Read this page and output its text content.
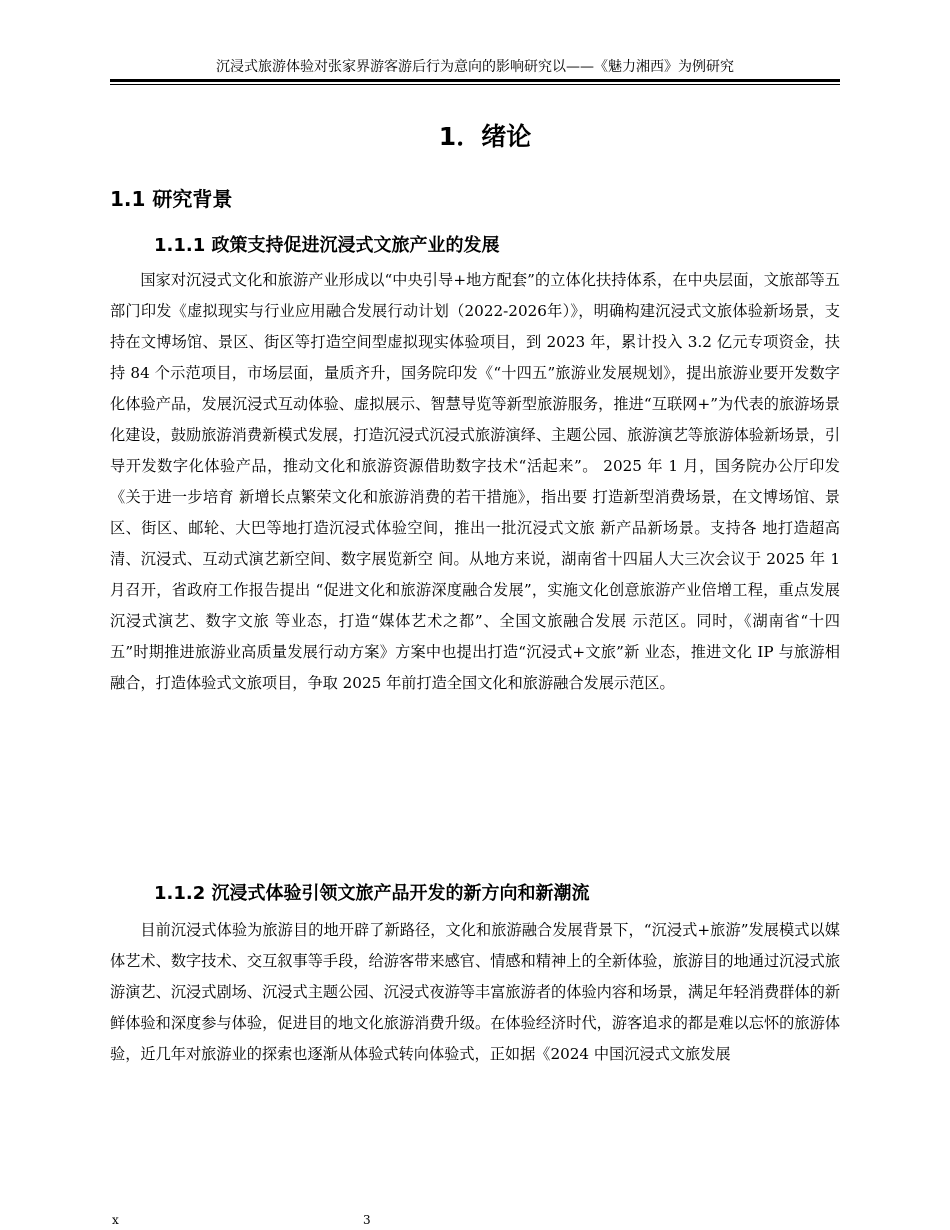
沉浸式旅游体验对张家界游客游后行为意向的影响研究以——《魅力湘西》为例研究
1．绪论
1.1 研究背景
1.1.1 政策支持促进沉浸式文旅产业的发展

国家对沉浸式文化和旅游产业形成以“中央引导+地方配套”的立体化扶持体系，在中央层面，文旅部等五部门印发《虚拟现实与行业应用融合发展行动计划（2022-2026年）》，明确构建沉浸式文旅体验新场景，支持在文博场馆、景区、街区等打造空间型虚拟现实体验项目，到 2023 年，累计投入 3.2 亿元专项资金，扶持 84 个示范项目，市场层面，量质齐升，国务院印发《“十四五”旅游业发展规划》，提出旅游业要开发数字化体验产品，发展沉浸式互动体验、虚拟展示、智慧导览等新型旅游服务，推进“互联网+”为代表的旅游场景化建设，鼓励旅游消费新模式发展，打造沉浸式沉浸式旅游演绎、主题公园、旅游演艺等旅游体验新场景，引导开发数字化体验产品，推动文化和旅游资源借助数字技术“活起来”。 2025 年 1 月，国务院办公厅印发《关于进一步培育 新增长点繁荣文化和旅游消费的若干措施》，指出要 打造新型消费场景，在文博场馆、景区、街区、邮轮、大巴等地打造沉浸式体验空间，推出一批沉浸式文旅 新产品新场景。支持各 地打造超高清、沉浸式、互动式演艺新空间、数字展览新空 间。从地方来说，湖南省十四届人大三次会议于 2025 年 1 月召开，省政府工作报告提出 “促进文化和旅游深度融合发展”，实施文化创意旅游产业倍增工程，重点发展沉浸式演艺、数字文旅 等业态，打造“媒体艺术之都”、全国文旅融合发展 示范区。同时，《湖南省“十四五”时期推进旅游业高质量发展行动方案》方案中也提出打造“沉浸式+文旅”新 业态，推进文化 IP 与旅游相融合，打造体验式文旅项目，争取 2025 年前打造全国文化和旅游融合发展示范区。

1.1.2 沉浸式体验引领文旅产品开发的新方向和新潮流

目前沉浸式体验为旅游目的地开辟了新路径，文化和旅游融合发展背景下，“沉浸式+旅游”发展模式以媒体艺术、数字技术、交互叙事等手段，给游客带来感官、情感和精神上的全新体验，旅游目的地通过沉浸式旅游演艺、沉浸式剧场、沉浸式主题公园、沉浸式夜游等丰富旅游者的体验内容和场景，满足年轻消费群体的新鲜体验和深度参与体验，促进目的地文化旅游消费升级。在体验经济时代，游客追求的都是难以忘怀的旅游体验，近几年对旅游业的探索也逐渐从体验式转向体验式，正如据《2024 中国沉浸式文旅发展

x	3
